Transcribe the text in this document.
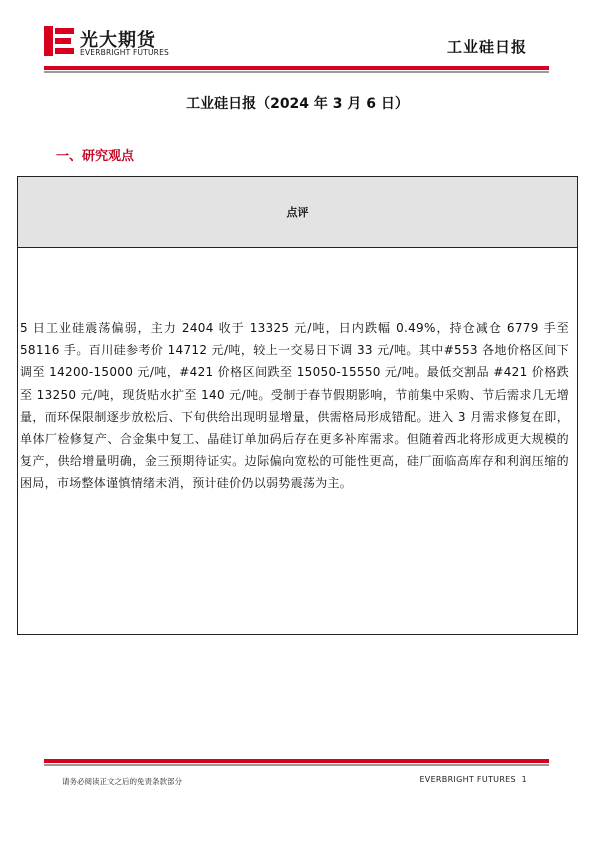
光大期货
EVERBRIGHT FUTURES	工业硅日报
工业硅日报（2024 年 3 月 6 日）
一、研究观点
点评
5 日工业硅震荡偏弱，主力 2404 收于 13325 元/吨，日内跌幅 0.49%，持仓减仓 6779 手至 58116 手。百川硅参考价 14712 元/吨，较上一交易日下调 33 元/吨。其中#553 各地价格区间下调至 14200-15000 元/吨，#421 价格区间跌至 15050-15550 元/吨。最低交割品 #421 价格跌至 13250 元/吨，现货贴水扩至 140 元/吨。受制于春节假期影响，节前集中采购、节后需求几无增量，而环保限制逐步放松后、下旬供给出现明显增量，供需格局形成错配。进入 3 月需求修复在即，单体厂检修复产、合金集中复工、晶硅订单加码后存在更多补库需求。但随着西北将形成更大规模的复产，供给增量明确，金三预期待证实。边际偏向宽松的可能性更高，硅厂面临高库存和利润压缩的困局，市场整体谨慎情绪未消，预计硅价仍以弱势震荡为主。
请务必阅读正文之后的免责条款部分	EVERBRIGHT FUTURES 1
